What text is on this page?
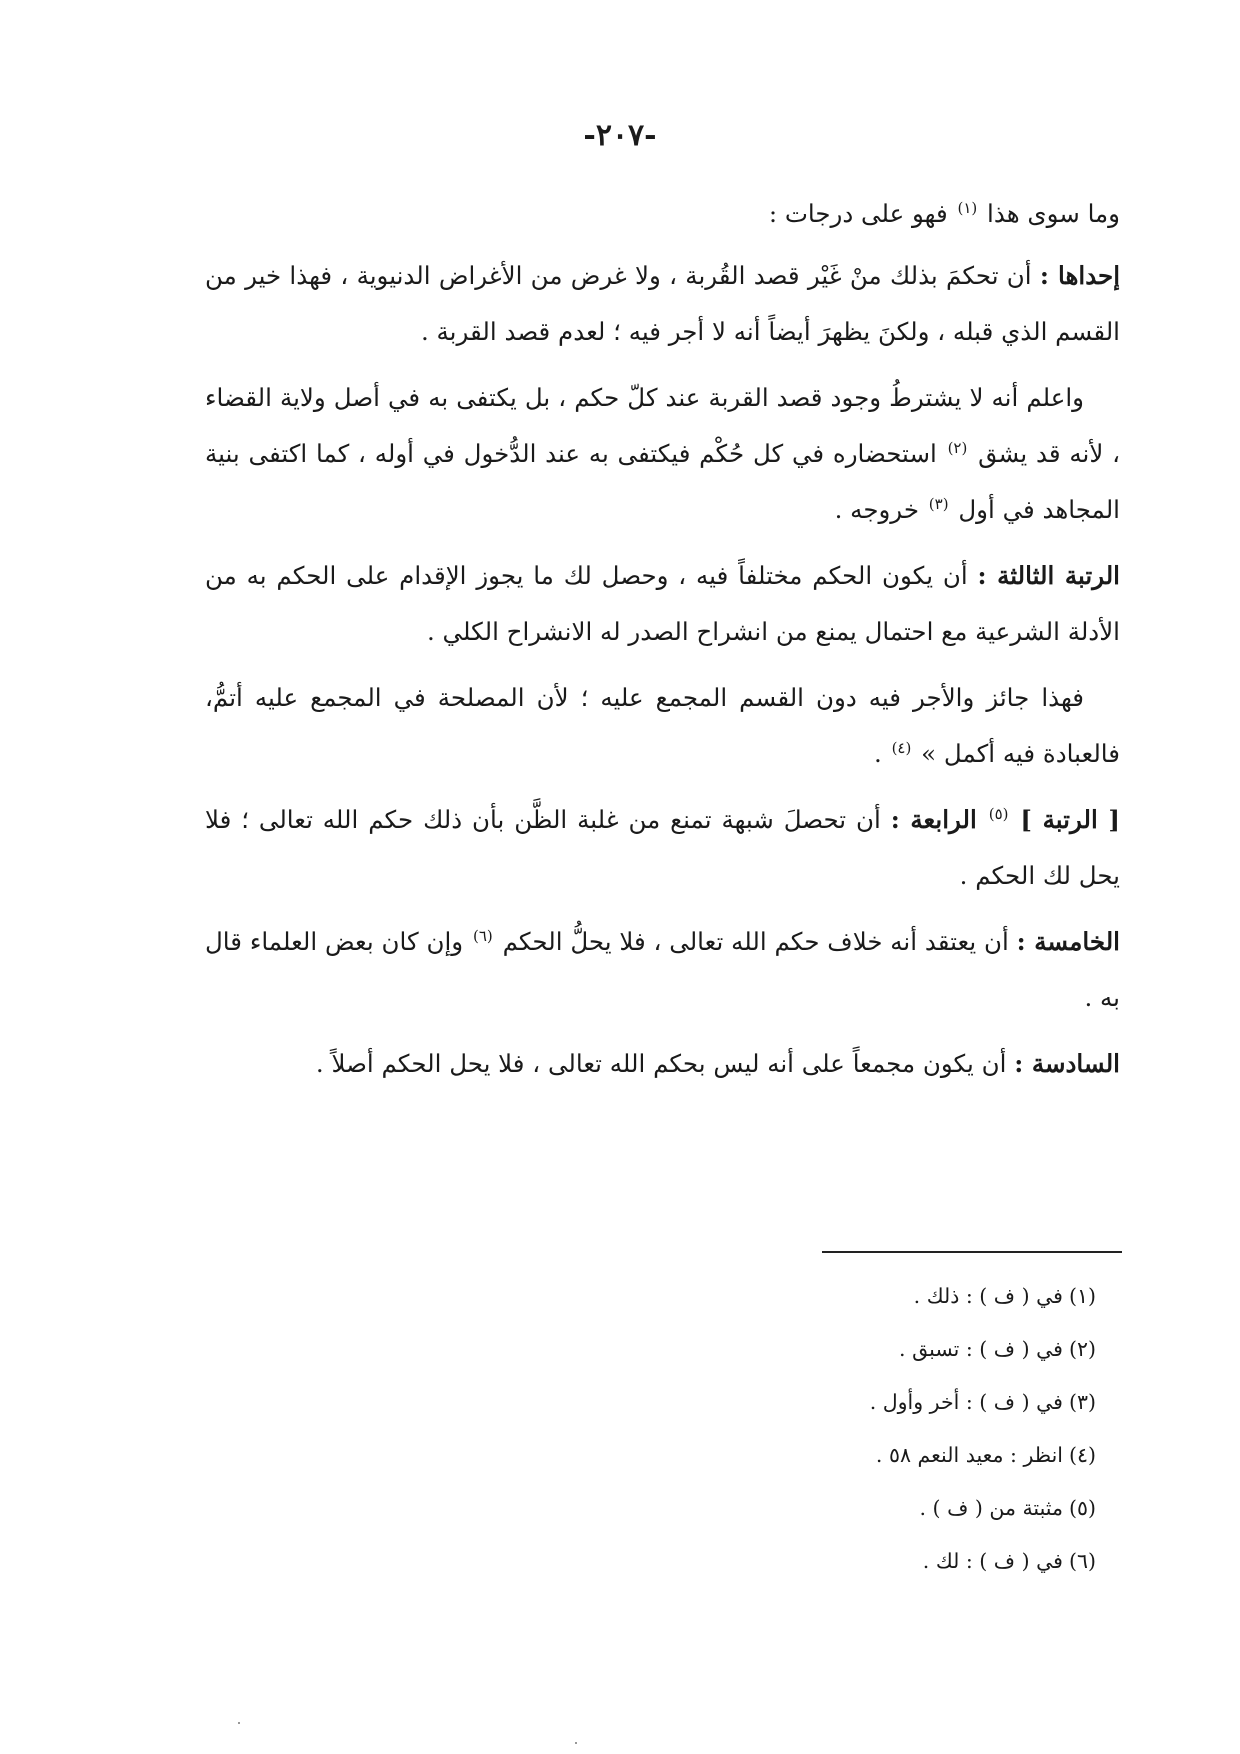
-٢٠٧-

وما سوى هذا $^{(١)}$ فهو على درجات :

إحداها : أن تحكمَ بذلك منْ غَيْر قصد القُربة ، ولا غرض من الأغراض الدنيوية ، فهذا خير من القسم الذي قبله ، ولكنَ يظهرَ أيضاً أنه لا أجر فيه ؛ لعدم قصد القربة .

واعلم أنه لا يشترطُ وجود قصد القربة عند كلّ حكم ، بل يكتفى به في أصل ولاية القضاء ، لأنه قد يشق $^{(٢)}$ استحضاره في كل حُكْم فيكتفى به عند الدُّخول في أوله ، كما اكتفى بنية المجاهد في أول $^{(٣)}$ خروجه .

الرتبة الثالثة : أن يكون الحكم مختلفاً فيه ، وحصل لك ما يجوز الإقدام على الحكم به من الأدلة الشرعية مع احتمال يمنع من انشراح الصدر له الانشراح الكلي .

فهذا جائز والأجر فيه دون القسم المجمع عليه ؛ لأن المصلحة في المجمع عليه أتمُّ، فالعبادة فيه أكمل » $^{(٤)}$ .

[ الرتبة ] $^{(٥)}$ الرابعة : أن تحصلَ شبهة تمنع من غلبة الظَّن بأن ذلك حكم الله تعالى ؛ فلا يحل لك الحكم .

الخامسة : أن يعتقد أنه خلاف حكم الله تعالى ، فلا يحلُّ الحكم $^{(٦)}$ وإن كان بعض العلماء قال به .

السادسة : أن يكون مجمعاً على أنه ليس بحكم الله تعالى ، فلا يحل الحكم أصلاً .

(١)في ( ف ) : ذلك .
(٢)في ( ف ) : تسبق .
(٣)في ( ف ) : أخر وأول .
(٤)انظر : معيد النعم ٥٨ .
(٥)مثبتة من ( ف ) .
(٦)في ( ف ) : لك .
